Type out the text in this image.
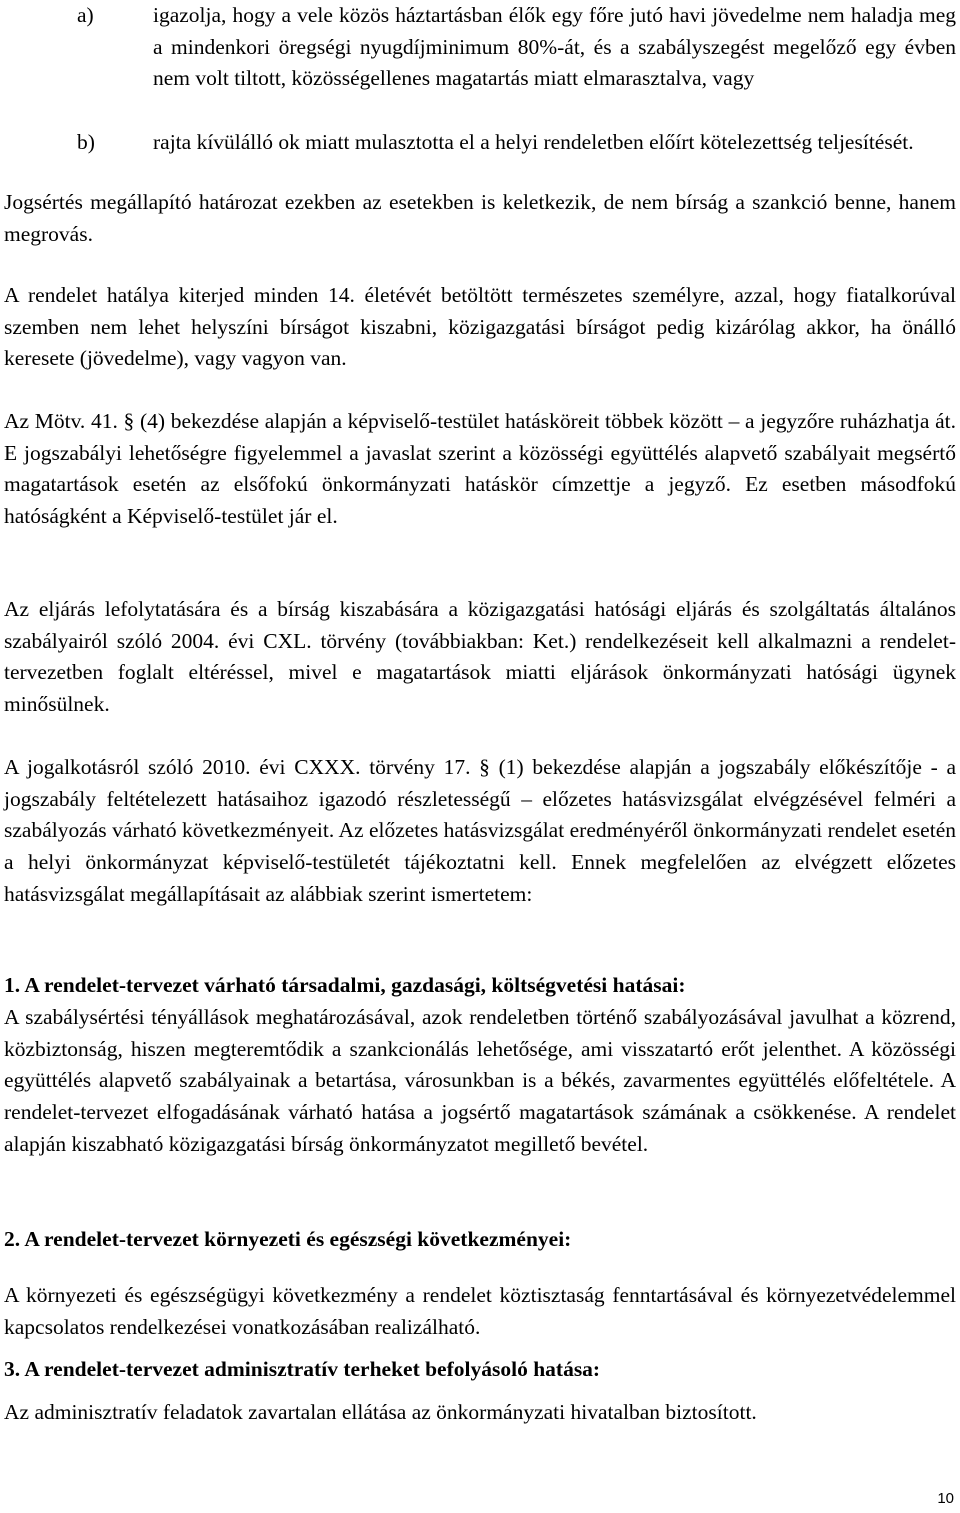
a)	igazolja, hogy a vele közös háztartásban élők egy főre jutó havi jövedelme nem haladja meg a mindenkori öregségi nyugdíjminimum 80%-át, és a szabályszegést megelőző egy évben nem volt tiltott, közösségellenes magatartás miatt elmarasztalva, vagy

b)	rajta kívülálló ok miatt mulasztotta el a helyi rendeletben előírt kötelezettség teljesítését.

Jogsértés megállapító határozat ezekben az esetekben is keletkezik, de nem bírság a szankció benne, hanem megrovás.

A rendelet hatálya kiterjed minden 14. életévét betöltött természetes személyre, azzal, hogy fiatalkorúval szemben nem lehet helyszíni bírságot kiszabni, közigazgatási bírságot pedig kizárólag akkor, ha önálló keresete (jövedelme), vagy vagyon van.

Az Mötv. 41. § (4) bekezdése alapján a képviselő-testület hatásköreit többek között – a jegyzőre ruházhatja át. E jogszabályi lehetőségre figyelemmel a javaslat szerint a közösségi együttélés alapvető szabályait megsértő magatartások esetén az elsőfokú önkormányzati hatáskör címzettje a jegyző. Ez esetben másodfokú hatóságként a Képviselő-testület jár el.

Az eljárás lefolytatására és a bírság kiszabására a közigazgatási hatósági eljárás és szolgáltatás általános szabályairól szóló 2004. évi CXL. törvény (továbbiakban: Ket.) rendelkezéseit kell alkalmazni a rendelet-tervezetben foglalt eltéréssel, mivel e magatartások miatti eljárások önkormányzati hatósági ügynek minősülnek.

A jogalkotásról szóló 2010. évi CXXX. törvény 17. § (1) bekezdése alapján a jogszabály előkészítője - a jogszabály feltételezett hatásaihoz igazodó részletességű – előzetes hatásvizsgálat elvégzésével felméri a szabályozás várható következményeit. Az előzetes hatásvizsgálat eredményéről önkormányzati rendelet esetén a helyi önkormányzat képviselő-testületét tájékoztatni kell. Ennek megfelelően az elvégzett előzetes hatásvizsgálat megállapításait az alábbiak szerint ismertetem:

1. A rendelet-tervezet várható társadalmi, gazdasági, költségvetési hatásai:

A szabálysértési tényállások meghatározásával, azok rendeletben történő szabályozásával javulhat a közrend, közbiztonság, hiszen megteremtődik a szankcionálás lehetősége, ami visszatartó erőt jelenthet. A közösségi együttélés alapvető szabályainak a betartása, városunkban is a békés, zavarmentes együttélés előfeltétele. A rendelet-tervezet elfogadásának várható hatása a jogsértő magatartások számának a csökkenése. A rendelet alapján kiszabható közigazgatási bírság önkormányzatot megillető bevétel.

2. A rendelet-tervezet környezeti és egészségi következményei:

A környezeti és egészségügyi következmény a rendelet köztisztaság fenntartásával és környezetvédelemmel kapcsolatos rendelkezései vonatkozásában realizálható.

3. A rendelet-tervezet adminisztratív terheket befolyásoló hatása:

Az adminisztratív feladatok zavartalan ellátása az önkormányzati hivatalban biztosított.

10
